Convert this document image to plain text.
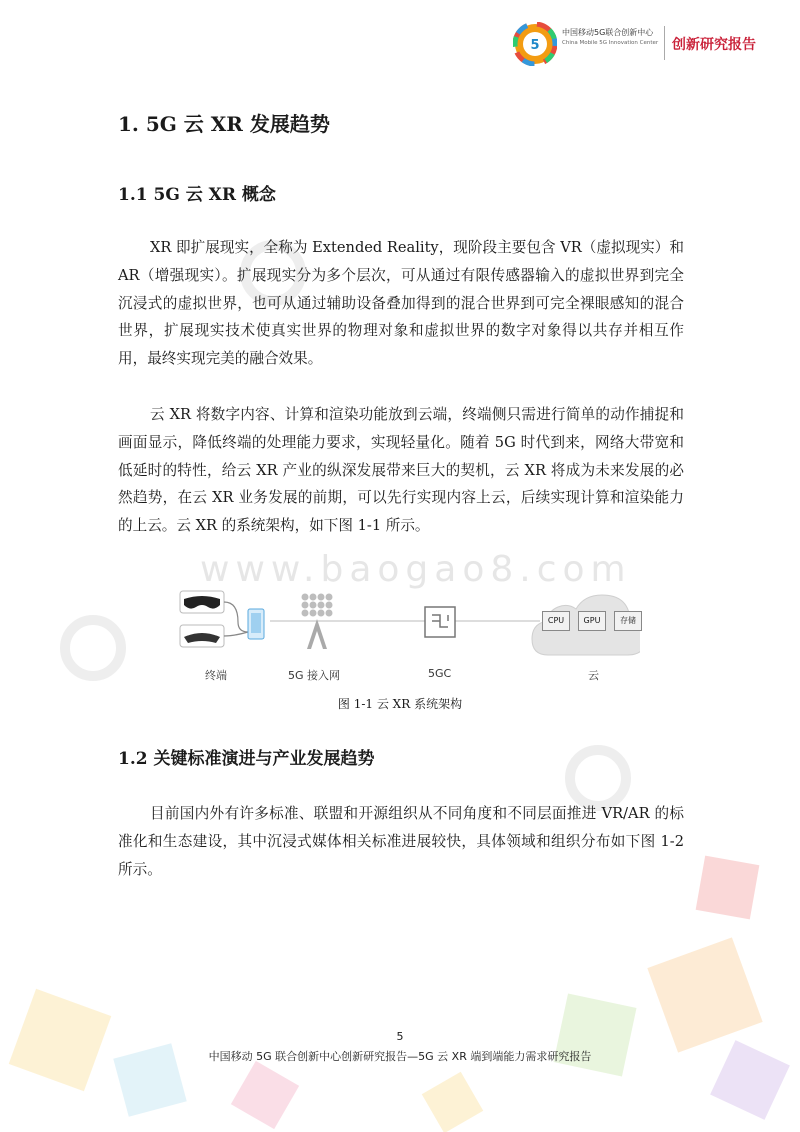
5
中国移动5G联合创新中心
China Mobile 5G Innovation Center 创新研究报告
1. 5G 云 XR 发展趋势
1.1 5G 云 XR 概念

XR 即扩展现实，全称为 Extended Reality，现阶段主要包含 VR（虚拟现实）和 AR（增强现实）。扩展现实分为多个层次，可从通过有限传感器输入的虚拟世界到完全沉浸式的虚拟世界，也可从通过辅助设备叠加得到的混合世界到可完全裸眼感知的混合世界，扩展现实技术使真实世界的物理对象和虚拟世界的数字对象得以共存并相互作用，最终实现完美的融合效果。

云 XR 将数字内容、计算和渲染功能放到云端，终端侧只需进行简单的动作捕捉和画面显示，降低终端的处理能力要求，实现轻量化。随着 5G 时代到来，网络大带宽和低延时的特性，给云 XR 产业的纵深发展带来巨大的契机，云 XR 将成为未来发展的必然趋势，在云 XR 业务发展的前期，可以先行实现内容上云，后续实现计算和渲染能力的上云。云 XR 的系统架构，如下图 1-1 所示。

www.baogao8.com
CPU	GPU	存储
终端	5G 接入网	5GC	云
图 1-1 云 XR 系统架构
1.2 关键标准演进与产业发展趋势

目前国内外有许多标准、联盟和开源组织从不同角度和不同层面推进 VR/AR 的标准化和生态建设，其中沉浸式媒体相关标准进展较快，具体领域和组织分布如下图 1-2 所示。

5
中国移动 5G 联合创新中心创新研究报告—5G 云 XR 端到端能力需求研究报告
